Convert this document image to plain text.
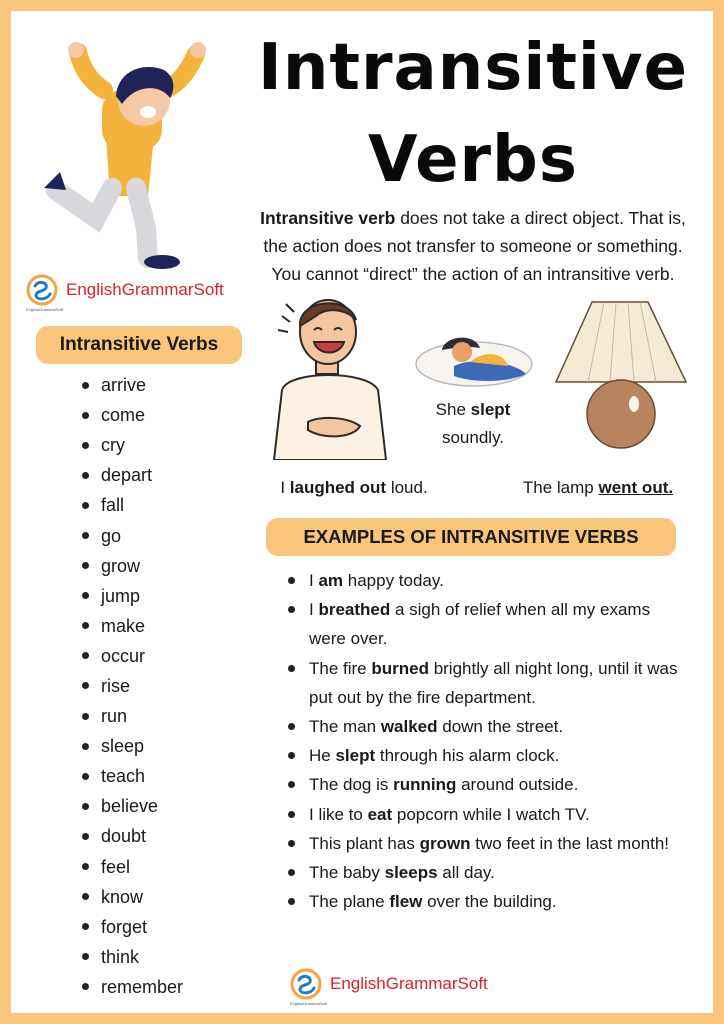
Intransitive
Verbs
Intransitive verb does not take a direct object. That is, the action does not transfer to someone or something. You cannot “direct” the action of an intransitive verb.
EnglishGrammarSoft
EnglishGrammarSoft
Intransitive Verbs
arrive
come
cry
depart
fall
go
grow
jump
make
occur
rise
run
sleep
teach
believe
doubt
feel
know
forget
think
remember
She slept soundly.
I laughed out loud.	The lamp went out.
EXAMPLES OF INTRANSITIVE VERBS
I am happy today.
I breathed a sigh of relief when all my exams were over.
The fire burned brightly all night long, until it was put out by the fire department.
The man walked down the street.
He slept through his alarm clock.
The dog is running around outside.
I like to eat popcorn while I watch TV.
This plant has grown two feet in the last month!
The baby sleeps all day.
The plane flew over the building.
EnglishGrammarSoft
EnglishGrammarSoft
